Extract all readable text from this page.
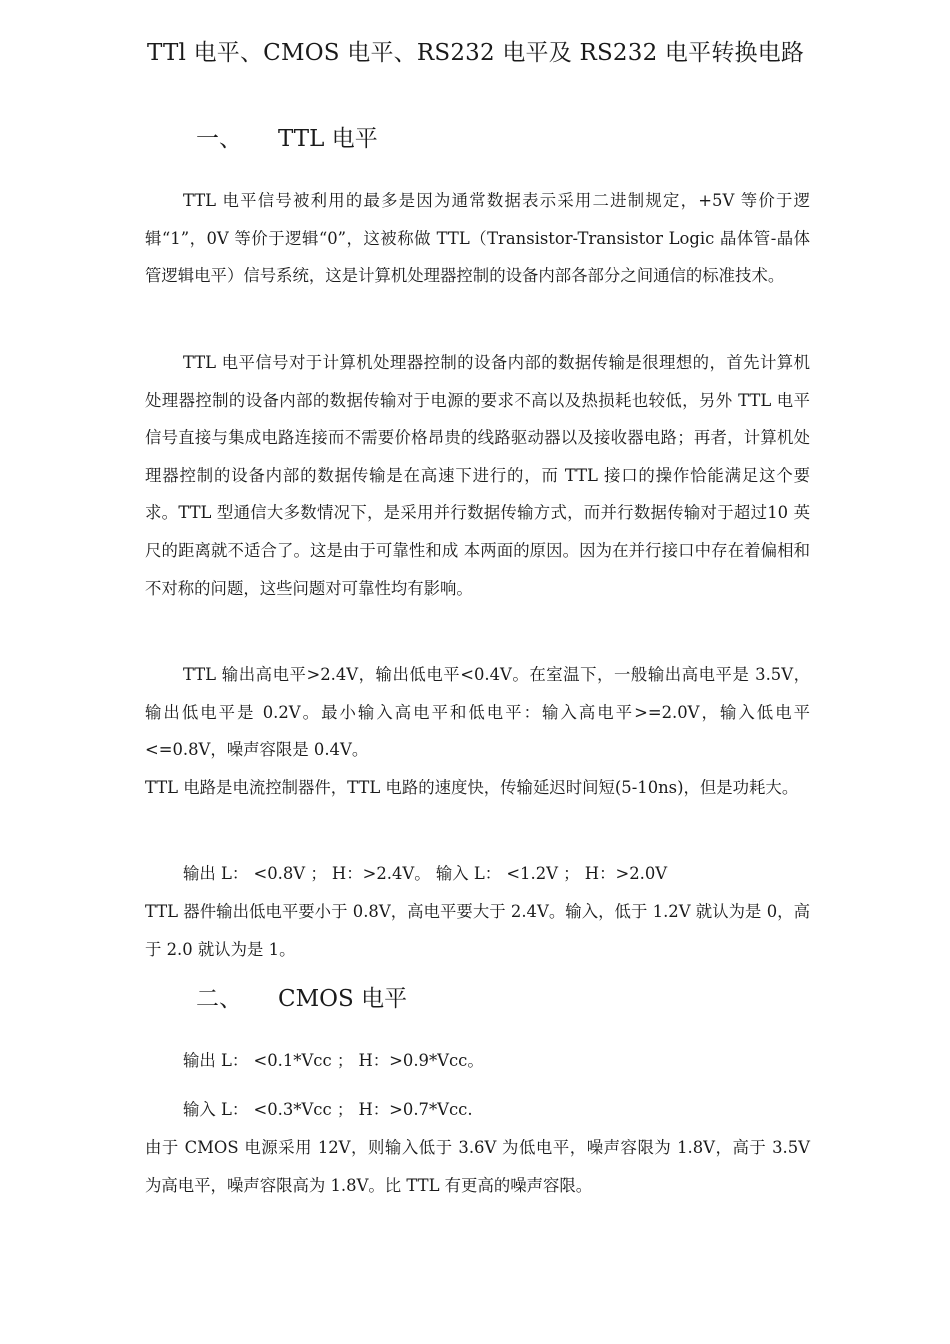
TTl 电平、CMOS 电平、RS232 电平及 RS232 电平转换电路
一、 TTL 电平

TTL 电平信号被利用的最多是因为通常数据表示采用二进制规定，+5V 等价于逻辑“1”，0V 等价于逻辑“0”，这被称做 TTL（Transistor-Transistor Logic 晶体管-晶体管逻辑电平）信号系统，这是计算机处理器控制的设备内部各部分之间通信的标准技术。

TTL 电平信号对于计算机处理器控制的设备内部的数据传输是很理想的，首先计算机处理器控制的设备内部的数据传输对于电源的要求不高以及热损耗也较低，另外 TTL 电平信号直接与集成电路连接而不需要价格昂贵的线路驱动器以及接收器电路；再者，计算机处理器控制的设备内部的数据传输是在高速下进行的，而 TTL 接口的操作恰能满足这个要求。TTL 型通信大多数情况下，是采用并行数据传输方式，而并行数据传输对于超过10 英尺的距离就不适合了。这是由于可靠性和成 本两面的原因。因为在并行接口中存在着偏相和不对称的问题，这些问题对可靠性均有影响。

TTL 输出高电平>2.4V，输出低电平<0.4V。在室温下，一般输出高电平是 3.5V，输出低电平是 0.2V。最小输入高电平和低电平：输入高电平>=2.0V，输入低电平<=0.8V，噪声容限是 0.4V。

TTL 电路是电流控制器件，TTL 电路的速度快，传输延迟时间短(5-10ns)，但是功耗大。

输出 L： <0.8V ； H：>2.4V。 输入 L： <1.2V ； H：>2.0V

TTL 器件输出低电平要小于 0.8V，高电平要大于 2.4V。输入，低于 1.2V 就认为是 0，高于 2.0 就认为是 1。

二、 CMOS 电平

输出 L： <0.1*Vcc ； H：>0.9*Vcc。

输入 L： <0.3*Vcc ； H：>0.7*Vcc.

由于 CMOS 电源采用 12V，则输入低于 3.6V 为低电平，噪声容限为 1.8V，高于 3.5V 为高电平，噪声容限高为 1.8V。比 TTL 有更高的噪声容限。
